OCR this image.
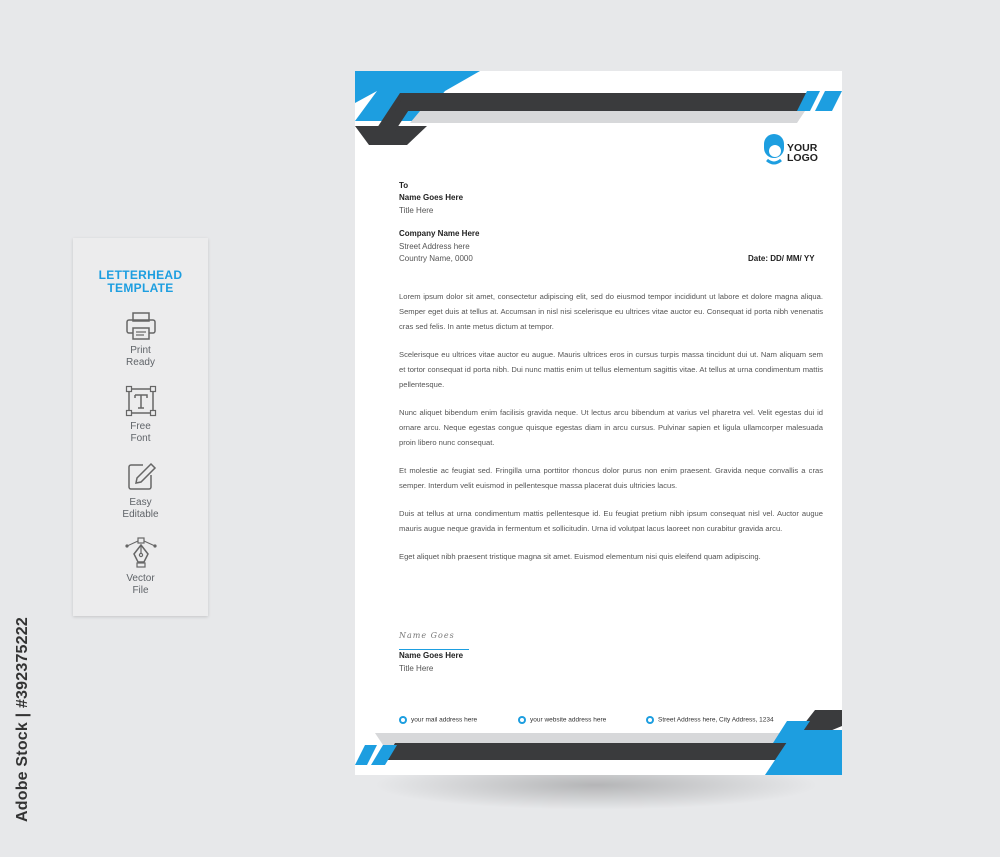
LETTERHEAD
TEMPLATE
Print
Ready
Free
Font
Easy
Editable
Vector
File
Adobe Stock | #392375222
YOUR
LOGO
To
Name Goes Here
Title Here
Company Name Here
Street Address here
Country Name, 0000	Date: DD/ MM/ YY

Lorem ipsum dolor sit amet, consectetur adipiscing elit, sed do eiusmod tempor incididunt ut labore et dolore magna aliqua. Semper eget duis at tellus at. Accumsan in nisl nisi scelerisque eu ultrices vitae auctor eu. Consequat id porta nibh venenatis cras sed felis. In ante metus dictum at tempor.

Scelerisque eu ultrices vitae auctor eu augue. Mauris ultrices eros in cursus turpis massa tincidunt dui ut. Nam aliquam sem et tortor consequat id porta nibh. Dui nunc mattis enim ut tellus elementum sagittis vitae. At tellus at urna condimentum mattis pellentesque.

Nunc aliquet bibendum enim facilisis gravida neque. Ut lectus arcu bibendum at varius vel pharetra vel. Velit egestas dui id ornare arcu. Neque egestas congue quisque egestas diam in arcu cursus. Pulvinar sapien et ligula ullamcorper malesuada proin libero nunc consequat.

Et molestie ac feugiat sed. Fringilla urna porttitor rhoncus dolor purus non enim praesent. Gravida neque convallis a cras semper. Interdum velit euismod in pellentesque massa placerat duis ultricies lacus.

Duis at tellus at urna condimentum mattis pellentesque id. Eu feugiat pretium nibh ipsum consequat nisl vel. Auctor augue mauris augue neque gravida in fermentum et sollicitudin. Urna id volutpat lacus laoreet non curabitur gravida arcu.

Eget aliquet nibh praesent tristique magna sit amet. Euismod elementum nisi quis eleifend quam adipiscing.

Name Goes
Name Goes Here
Title Here
your mail address here	your website address here	Street Address here, City Address, 1234
